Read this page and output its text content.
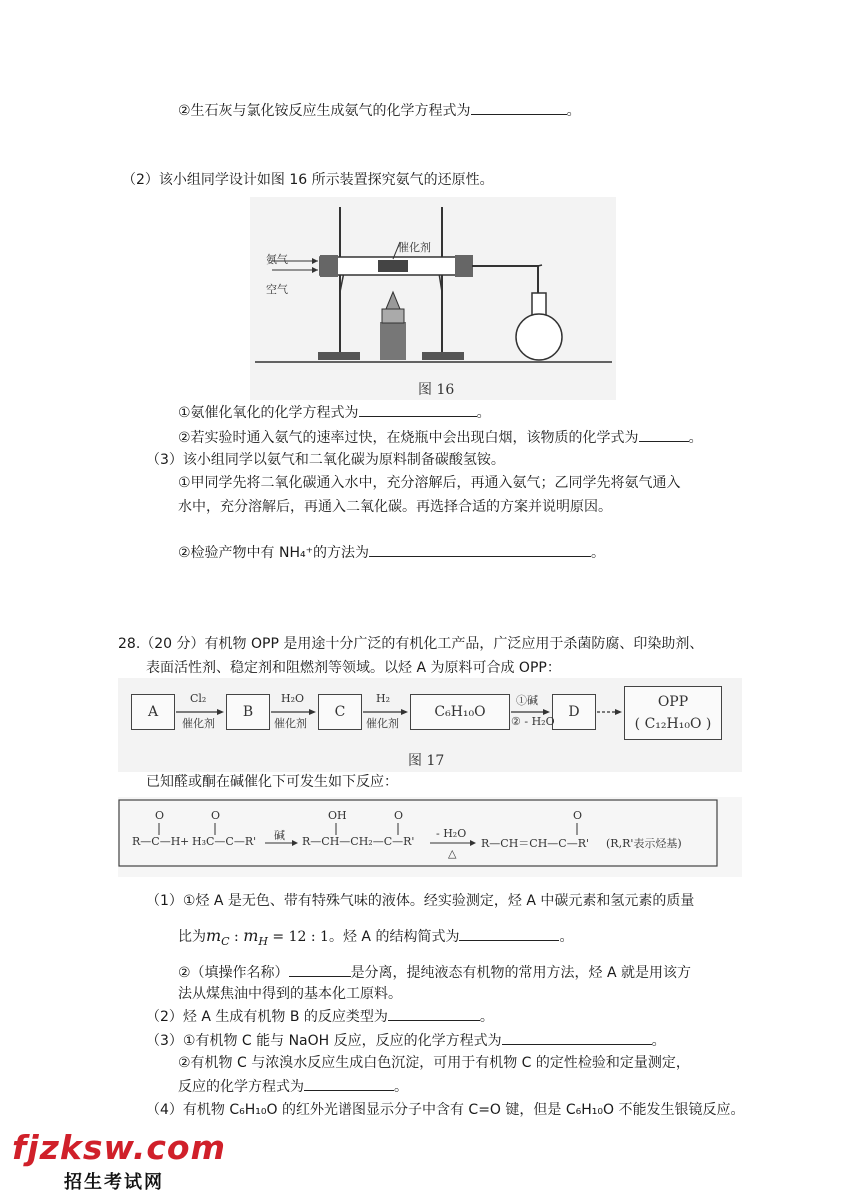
②生石灰与氯化铵反应生成氨气的化学方程式为	。
（2）该小组同学设计如图 16 所示装置探究氨气的还原性。
氨气
空气
催化剂
图 16
①氨催化氧化的化学方程式为	。
②若实验时通入氨气的速率过快，在烧瓶中会出现白烟，该物质的化学式为	。
（3）该小组同学以氨气和二氧化碳为原料制备碳酸氢铵。
①甲同学先将二氧化碳通入水中，充分溶解后，再通入氨气；乙同学先将氨气通入
水中，充分溶解后，再通入二氧化碳。再选择合适的方案并说明原因。
②检验产物中有 NH₄⁺的方法为	。
28.（20 分）有机物 OPP 是用途十分广泛的有机化工产品，广泛应用于杀菌防腐、印染助剂、
表面活性剂、稳定剂和阻燃剂等领域。以烃 A 为原料可合成 OPP：
A	B	C	C₆H₁₀O	D
OPP
( C₁₂H₁₀O )
Cl₂
催化剂
H₂O
催化剂
H₂
催化剂
①碱
② - H₂O
图 17
已知醛或酮在碱催化下可发生如下反应：
O	O	OH	O	O
R—C—H + H₃C—C—R' 碱 R—CH—CH₂—C—R'
- H₂O
△
R—CH＝CH—C—R' (R,R'表示烃基)
（1）①烃 A 是无色、带有特殊气味的液体。经实验测定，烃 A 中碳元素和氢元素的质量
比为$m_C$ : $m_H = 12$ : 1。烃 A 的结构简式为	。
②（填操作名称）	是分离，提纯液态有机物的常用方法，烃 A 就是用该方
法从煤焦油中得到的基本化工原料。
（2）烃 A 生成有机物 B 的反应类型为	。
（3）①有机物 C 能与 NaOH 反应，反应的化学方程式为	。
②有机物 C 与浓溴水反应生成白色沉淀，可用于有机物 C 的定性检验和定量测定，
反应的化学方程式为	。
（4）有机物 C₆H₁₀O 的红外光谱图显示分子中含有 C=O 键，但是 C₆H₁₀O 不能发生银镜反应。
fjzksw.com
招生考试网
